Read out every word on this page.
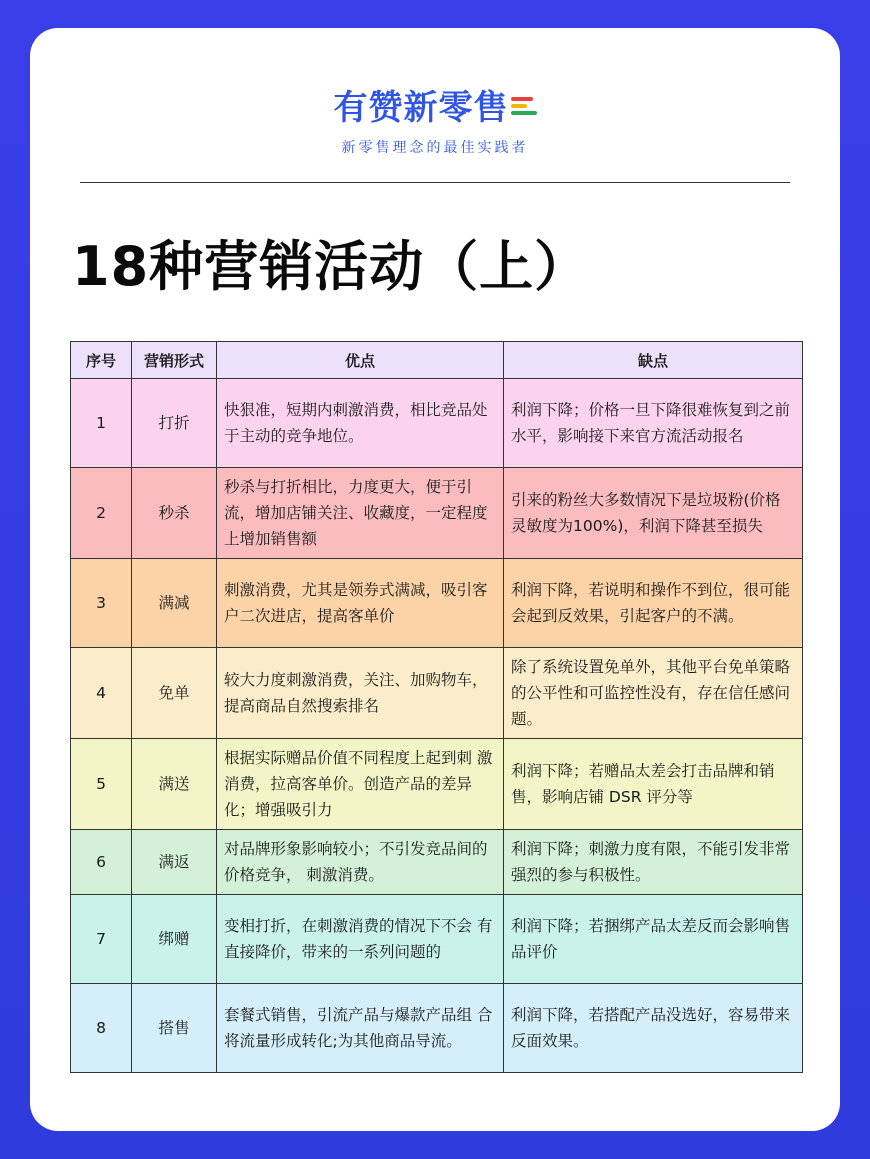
有赞新零售
新零售理念的最佳实践者
18种营销活动（上）
序号	营销形式	优点	缺点
1	打折	快狠准，短期内刺激消费，相比竞品处于主动的竞争地位。	利润下降；价格一旦下降很难恢复到之前水平，影响接下来官方流活动报名
2	秒杀	秒杀与打折相比，力度更大，便于引流，增加店铺关注、收藏度，一定程度上增加销售额	引来的粉丝大多数情况下是垃圾粉(价格灵敏度为100%)，利润下降甚至损失
3	满减	刺激消费，尤其是领券式满减，吸引客 户二次进店，提高客单价	利润下降，若说明和操作不到位，很可能会起到反效果，引起客户的不满。
4	免单	较大力度刺激消费，关注、加购物车，提高商品自然搜索排名	除了系统设置免单外，其他平台免单策略的公平性和可监控性没有，存在信任感问题。
5	满送	根据实际赠品价值不同程度上起到刺 激消费，拉高客单价。创造产品的差异化；增强吸引力	利润下降；若赠品太差会打击品牌和销售，影响店铺 DSR 评分等
6	满返	对品牌形象影响较小；不引发竞品间的价格竞争， 刺激消费。	利润下降；刺激力度有限，不能引发非常强烈的参与积极性。
7	绑赠	变相打折，在刺激消费的情况下不会 有直接降价，带来的一系列问题的	利润下降；若捆绑产品太差反而会影响售品评价
8	搭售	套餐式销售，引流产品与爆款产品组 合将流量形成转化;为其他商品导流。	利润下降，若搭配产品没选好，容易带来反面效果。
